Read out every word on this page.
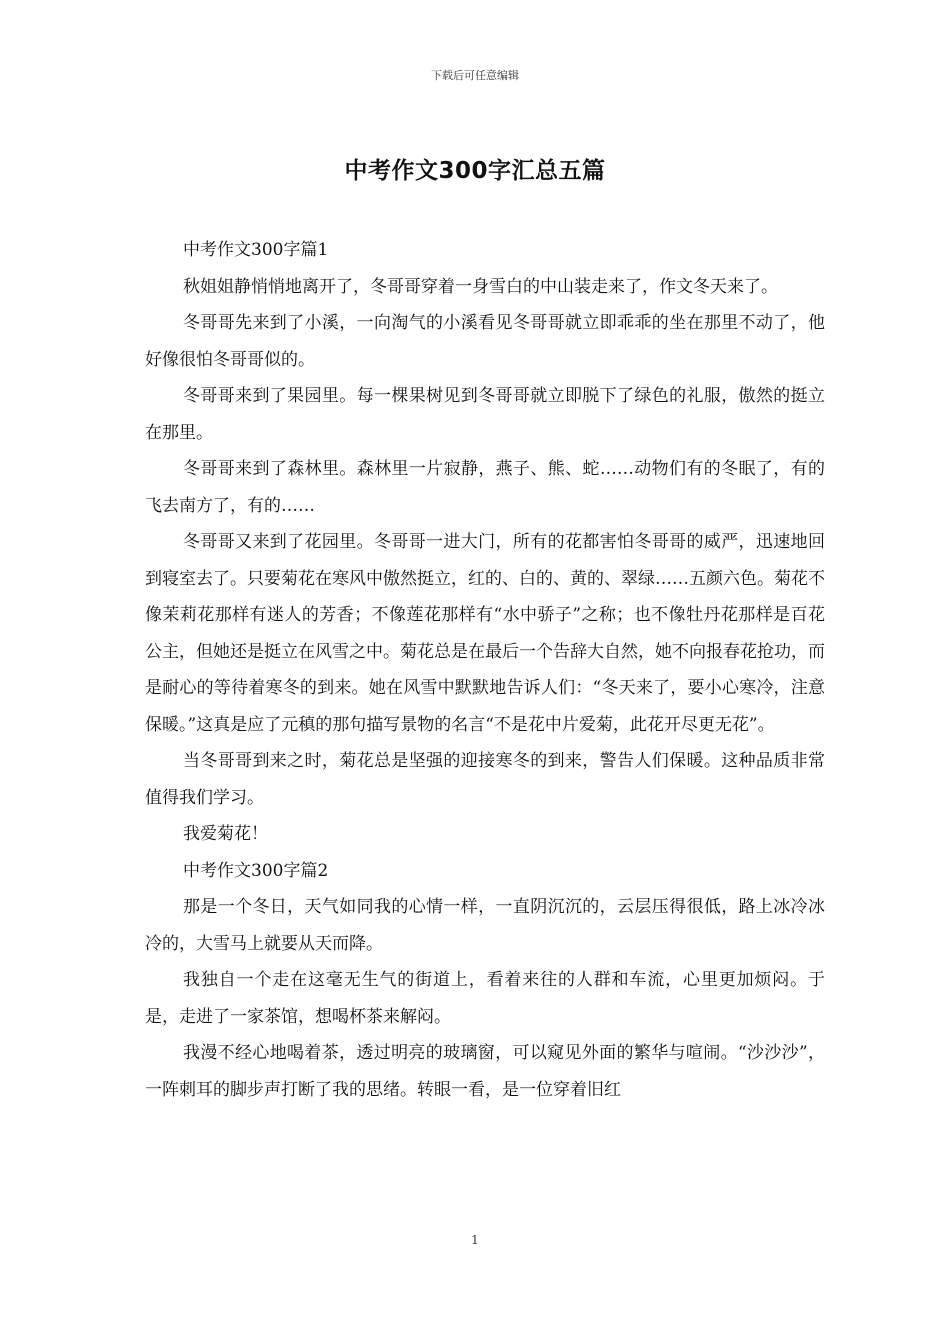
下载后可任意编辑
中考作文300字汇总五篇

中考作文300字篇1

秋姐姐静悄悄地离开了，冬哥哥穿着一身雪白的中山装走来了，作文冬天来了。

冬哥哥先来到了小溪，一向淘气的小溪看见冬哥哥就立即乖乖的坐在那里不动了，他好像很怕冬哥哥似的。

冬哥哥来到了果园里。每一棵果树见到冬哥哥就立即脱下了绿色的礼服，傲然的挺立在那里。

冬哥哥来到了森林里。森林里一片寂静，燕子、熊、蛇……动物们有的冬眠了，有的飞去南方了，有的……

冬哥哥又来到了花园里。冬哥哥一进大门，所有的花都害怕冬哥哥的威严，迅速地回到寝室去了。只要菊花在寒风中傲然挺立，红的、白的、黄的、翠绿……五颜六色。菊花不像茉莉花那样有迷人的芳香；不像莲花那样有“水中骄子”之称；也不像牡丹花那样是百花公主，但她还是挺立在风雪之中。菊花总是在最后一个告辞大自然，她不向报春花抢功，而是耐心的等待着寒冬的到来。她在风雪中默默地告诉人们：“冬天来了，要小心寒冷，注意保暖。”这真是应了元稹的那句描写景物的名言“不是花中片爱菊，此花开尽更无花”。

当冬哥哥到来之时，菊花总是坚强的迎接寒冬的到来，警告人们保暖。这种品质非常值得我们学习。

我爱菊花！

中考作文300字篇2

那是一个冬日，天气如同我的心情一样，一直阴沉沉的，云层压得很低，路上冰冷冰冷的，大雪马上就要从天而降。

我独自一个走在这毫无生气的街道上，看着来往的人群和车流，心里更加烦闷。于是，走进了一家茶馆，想喝杯茶来解闷。

我漫不经心地喝着茶，透过明亮的玻璃窗，可以窥见外面的繁华与喧闹。“沙沙沙”，一阵刺耳的脚步声打断了我的思绪。转眼一看，是一位穿着旧红

1
